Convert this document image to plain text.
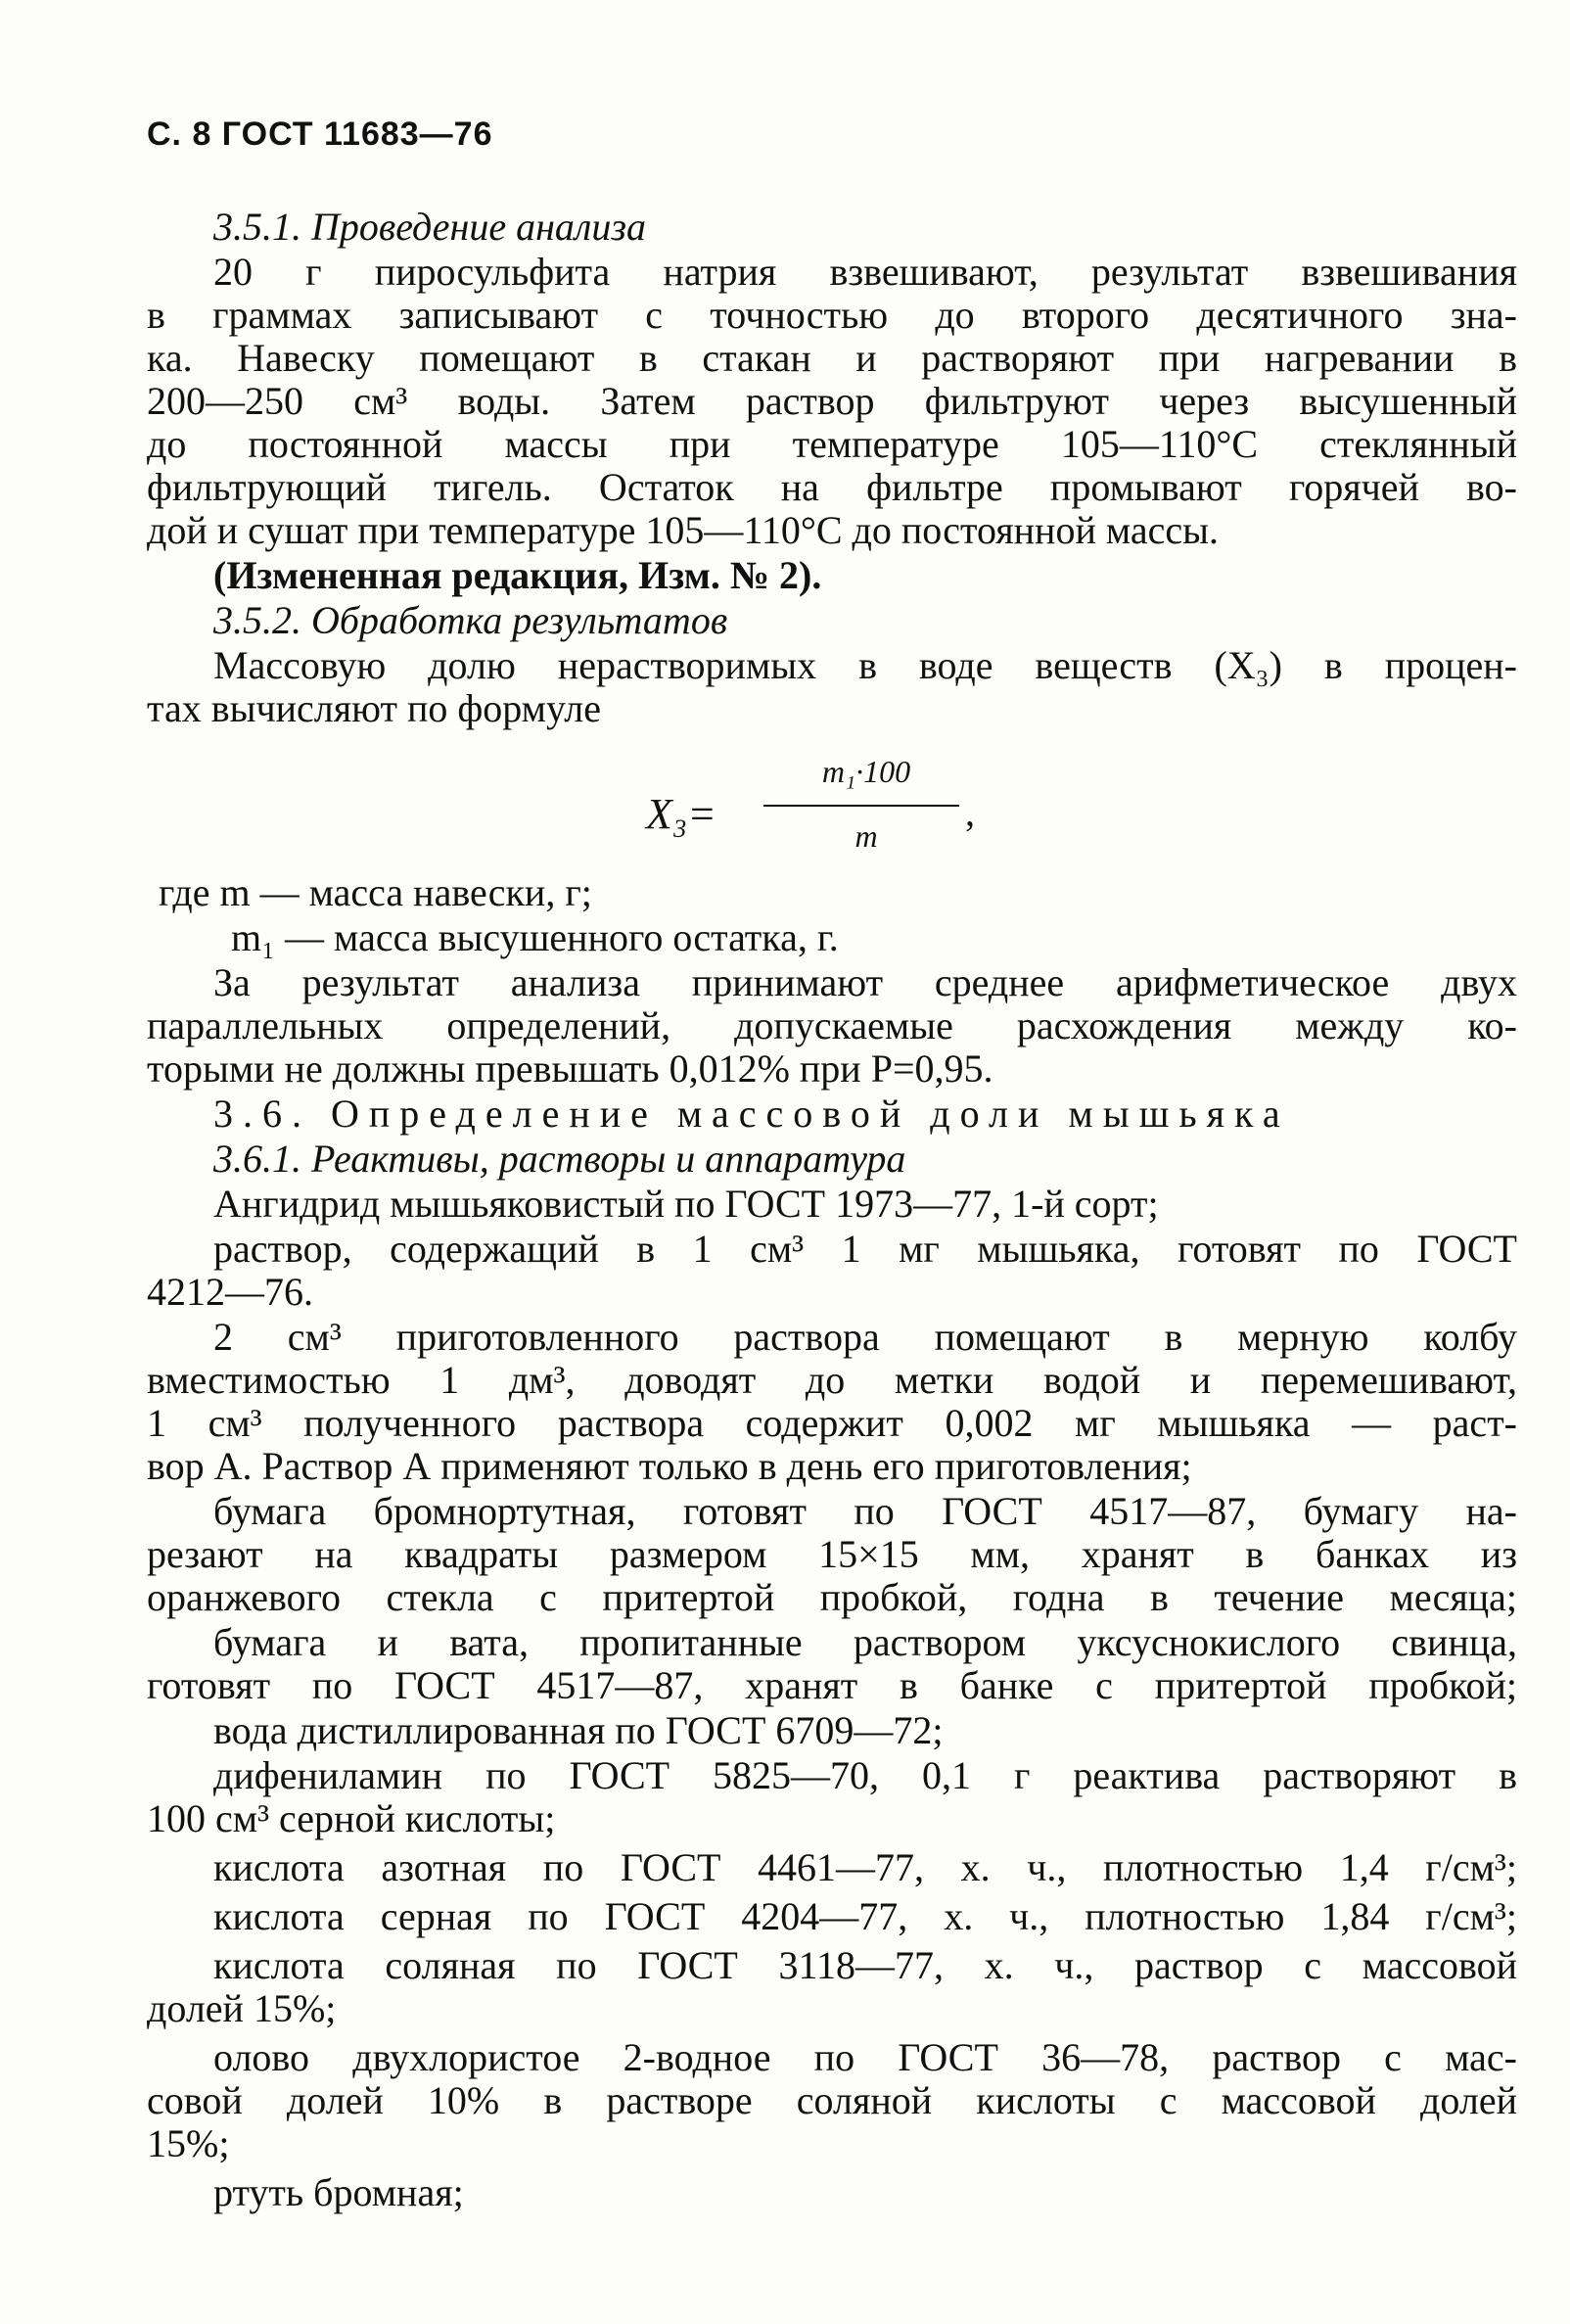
С. 8 ГОСТ 11683—76
3.5.1. Проведение анализа
20 г пиросульфита натрия взвешивают, результат взвешивания
в граммах записывают с точностью до второго десятичного зна-
ка. Навеску помещают в стакан и растворяют при нагревании в
200—250 см³ воды. Затем раствор фильтруют через высушенный
до постоянной массы при температуре 105—110°С стеклянный
фильтрующий тигель. Остаток на фильтре промывают горячей во-
дой и сушат при температуре 105—110°С до постоянной массы.
(Измененная редакция, Изм. № 2).
3.5.2. Обработка результатов
Массовую долю нерастворимых в воде веществ (X₃) в процен-
тах вычисляют по формуле
X₃=
m₁·100
m
,
где m — масса навески, г;
m₁ — масса высушенного остатка, г.
За результат анализа принимают среднее арифметическое двух
параллельных определений, допускаемые расхождения между ко-
торыми не должны превышать 0,012% при P=0,95.
3.6. Определение массовой доли мышьяка
3.6.1. Реактивы, растворы и аппаратура
Ангидрид мышьяковистый по ГОСТ 1973—77, 1-й сорт;
раствор, содержащий в 1 см³ 1 мг мышьяка, готовят по ГОСТ
4212—76.
2 см³ приготовленного раствора помещают в мерную колбу
вместимостью 1 дм³, доводят до метки водой и перемешивают,
1 см³ полученного раствора содержит 0,002 мг мышьяка — раст-
вор А. Раствор А применяют только в день его приготовления;
бумага бромнортутная, готовят по ГОСТ 4517—87, бумагу на-
резают на квадраты размером 15×15 мм, хранят в банках из
оранжевого стекла с притертой пробкой, годна в течение месяца;
бумага и вата, пропитанные раствором уксуснокислого свинца,
готовят по ГОСТ 4517—87, хранят в банке с притертой пробкой;
вода дистиллированная по ГОСТ 6709—72;
дифениламин по ГОСТ 5825—70, 0,1 г реактива растворяют в
100 см³ серной кислоты;
кислота азотная по ГОСТ 4461—77, х. ч., плотностью 1,4 г/см³;
кислота серная по ГОСТ 4204—77, х. ч., плотностью 1,84 г/см³;
кислота соляная по ГОСТ 3118—77, х. ч., раствор с массовой
долей 15%;
олово двухлористое 2-водное по ГОСТ 36—78, раствор с мас-
совой долей 10% в растворе соляной кислоты с массовой долей
15%;
ртуть бромная;
